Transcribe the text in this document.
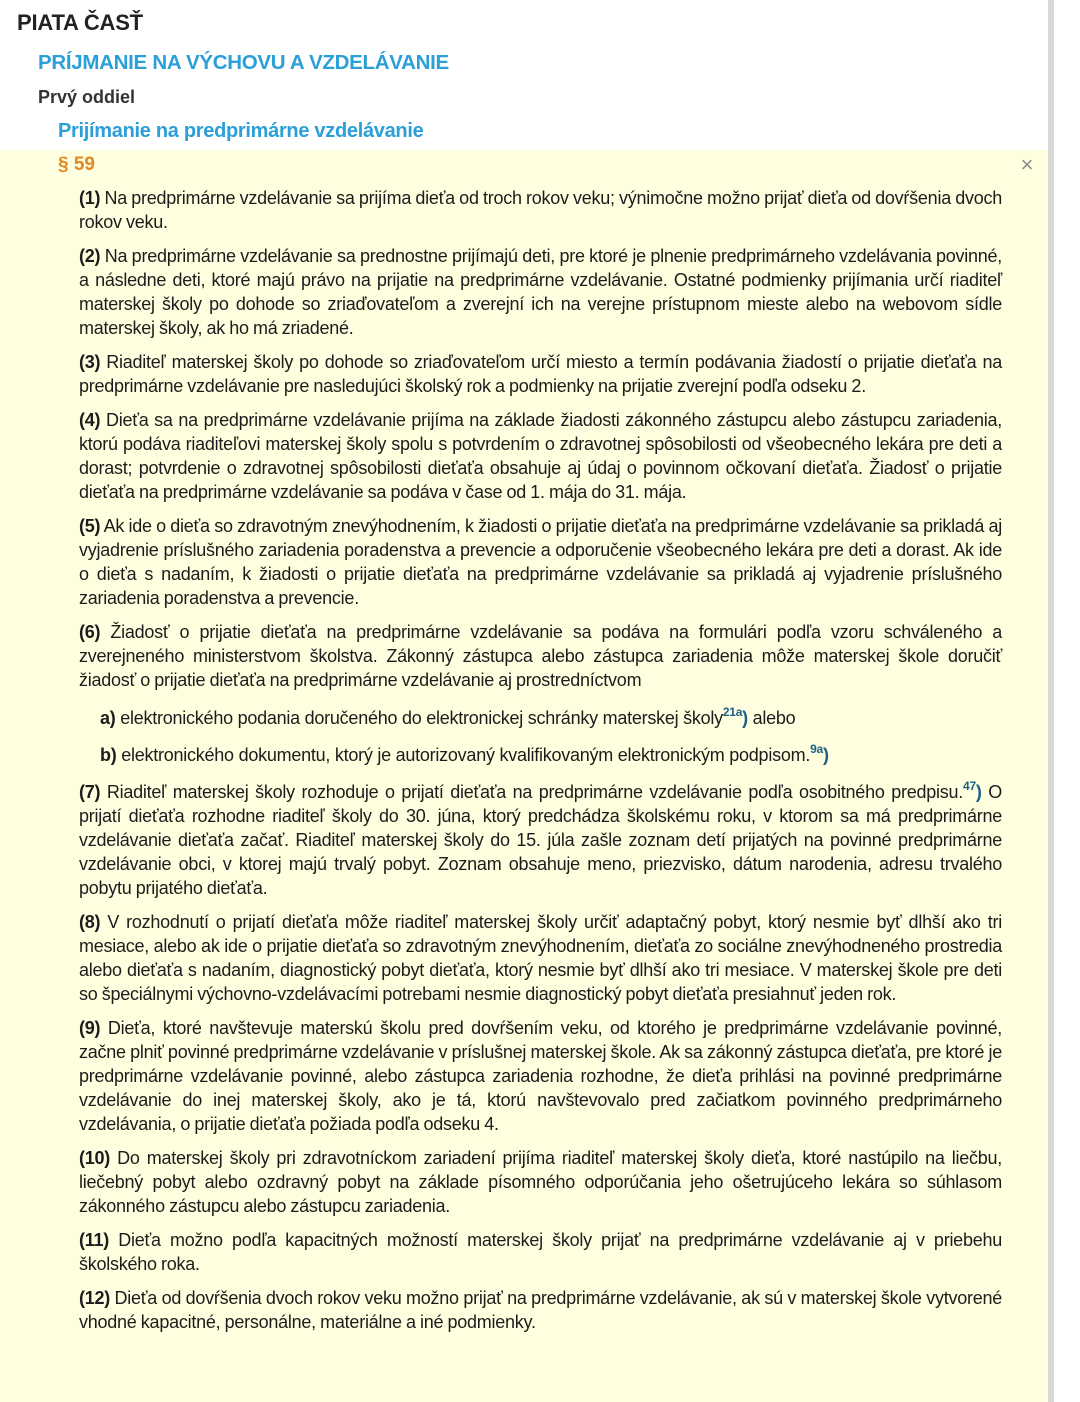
PIATA ČASŤ
PRÍJMANIE NA VÝCHOVU A VZDELÁVANIE
Prvý oddiel
Prijímanie na predprimárne vzdelávanie
§ 59	×

(1) Na predprimárne vzdelávanie sa prijíma dieťa od troch rokov veku; výnimočne možno prijať dieťa od dovŕšenia dvoch rokov veku.

(2) Na predprimárne vzdelávanie sa prednostne prijímajú deti, pre ktoré je plnenie predprimárneho vzdelávania povinné, a následne deti, ktoré majú právo na prijatie na predprimárne vzdelávanie. Ostatné podmienky prijímania určí riaditeľ materskej školy po dohode so zriaďovateľom a zverejní ich na verejne prístupnom mieste alebo na webovom sídle materskej školy, ak ho má zriadené.

(3) Riaditeľ materskej školy po dohode so zriaďovateľom určí miesto a termín podávania žiadostí o prijatie dieťaťa na predprimárne vzdelávanie pre nasledujúci školský rok a podmienky na prijatie zverejní podľa odseku 2.

(4) Dieťa sa na predprimárne vzdelávanie prijíma na základe žiadosti zákonného zástupcu alebo zástupcu zariadenia, ktorú podáva riaditeľovi materskej školy spolu s potvrdením o zdravotnej spôsobilosti od všeobecného lekára pre deti a dorast; potvrdenie o zdravotnej spôsobilosti dieťaťa obsahuje aj údaj o povinnom očkovaní dieťaťa. Žiadosť o prijatie dieťaťa na predprimárne vzdelávanie sa podáva v čase od 1. mája do 31. mája.

(5) Ak ide o dieťa so zdravotným znevýhodnením, k žiadosti o prijatie dieťaťa na predprimárne vzdelávanie sa prikladá aj vyjadrenie príslušného zariadenia poradenstva a prevencie a odporučenie všeobecného lekára pre deti a dorast. Ak ide o dieťa s nadaním, k žiadosti o prijatie dieťaťa na predprimárne vzdelávanie sa prikladá aj vyjadrenie príslušného zariadenia poradenstva a prevencie.

(6) Žiadosť o prijatie dieťaťa na predprimárne vzdelávanie sa podáva na formulári podľa vzoru schváleného a zverejneného ministerstvom školstva. Zákonný zástupca alebo zástupca zariadenia môže materskej škole doručiť žiadosť o prijatie dieťaťa na predprimárne vzdelávanie aj prostredníctvom

a) elektronického podania doručeného do elektronickej schránky materskej školy$^{21a}$) alebo
b) elektronického dokumentu, ktorý je autorizovaný kvalifikovaným elektronickým podpisom.$^{9a}$)

(7) Riaditeľ materskej školy rozhoduje o prijatí dieťaťa na predprimárne vzdelávanie podľa osobitného predpisu.$^{47}$) O prijatí dieťaťa rozhodne riaditeľ školy do 30. júna, ktorý predchádza školskému roku, v ktorom sa má predprimárne vzdelávanie dieťaťa začať. Riaditeľ materskej školy do 15. júla zašle zoznam detí prijatých na povinné predprimárne vzdelávanie obci, v ktorej majú trvalý pobyt. Zoznam obsahuje meno, priezvisko, dátum narodenia, adresu trvalého pobytu prijatého dieťaťa.

(8) V rozhodnutí o prijatí dieťaťa môže riaditeľ materskej školy určiť adaptačný pobyt, ktorý nesmie byť dlhší ako tri mesiace, alebo ak ide o prijatie dieťaťa so zdravotným znevýhodnením, dieťaťa zo sociálne znevýhodneného prostredia alebo dieťaťa s nadaním, diagnostický pobyt dieťaťa, ktorý nesmie byť dlhší ako tri mesiace. V materskej škole pre deti so špeciálnymi výchovno-vzdelávacími potrebami nesmie diagnostický pobyt dieťaťa presiahnuť jeden rok.

(9) Dieťa, ktoré navštevuje materskú školu pred dovŕšením veku, od ktorého je predprimárne vzdelávanie povinné, začne plniť povinné predprimárne vzdelávanie v príslušnej materskej škole. Ak sa zákonný zástupca dieťaťa, pre ktoré je predprimárne vzdelávanie povinné, alebo zástupca zariadenia rozhodne, že dieťa prihlási na povinné predprimárne vzdelávanie do inej materskej školy, ako je tá, ktorú navštevovalo pred začiatkom povinného predprimárneho vzdelávania, o prijatie dieťaťa požiada podľa odseku 4.

(10) Do materskej školy pri zdravotníckom zariadení prijíma riaditeľ materskej školy dieťa, ktoré nastúpilo na liečbu, liečebný pobyt alebo ozdravný pobyt na základe písomného odporúčania jeho ošetrujúceho lekára so súhlasom zákonného zástupcu alebo zástupcu zariadenia.

(11) Dieťa možno podľa kapacitných možností materskej školy prijať na predprimárne vzdelávanie aj v priebehu školského roka.

(12) Dieťa od dovŕšenia dvoch rokov veku možno prijať na predprimárne vzdelávanie, ak sú v materskej škole vytvorené vhodné kapacitné, personálne, materiálne a iné podmienky.
